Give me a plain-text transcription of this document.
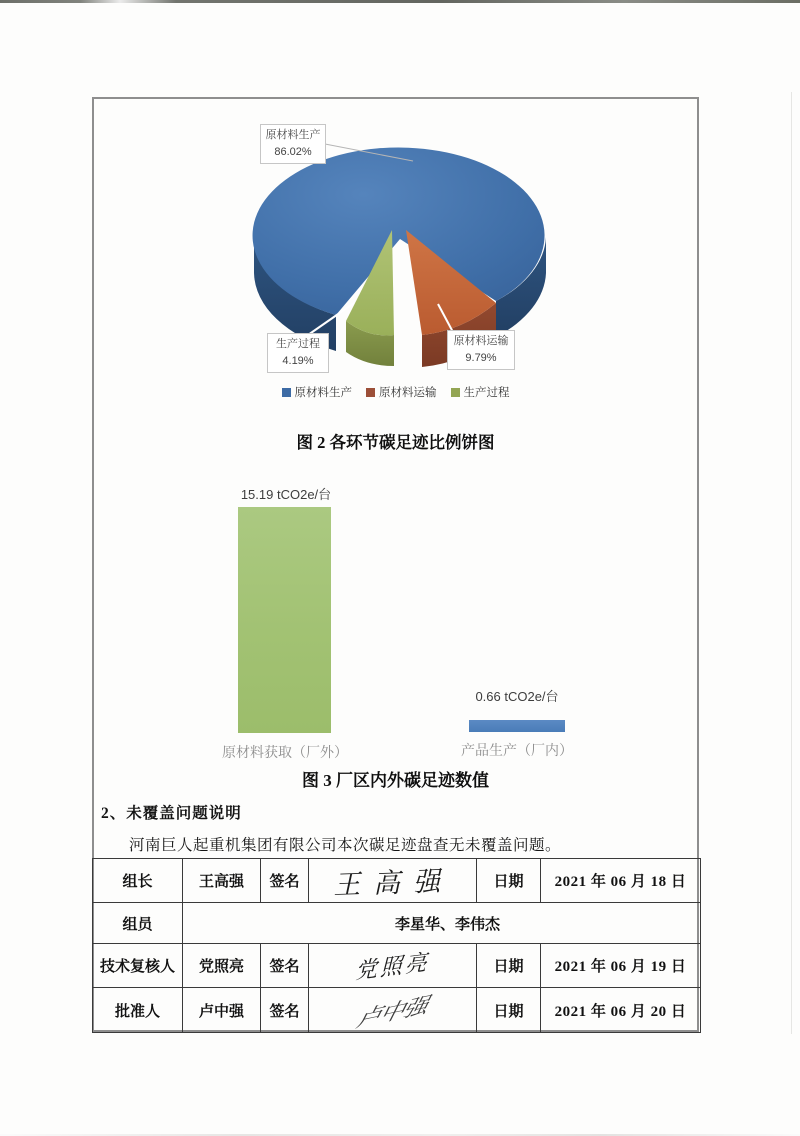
原材料生产
86.02%
生产过程
4.19%
原材料运输
9.79%
原材料生产 原材料运输 生产过程
图 2 各环节碳足迹比例饼图
15.19 tCO2e/台
0.66 tCO2e/台
原材料获取（厂外）	产品生产（厂内）
图 3 厂区内外碳足迹数值
2、未覆盖问题说明
河南巨人起重机集团有限公司本次碳足迹盘查无未覆盖问题。
组长	王高强	签名	王高强	日期	2021 年 06 月 18 日
组员	李星华、李伟杰				
技术复核人	党照亮	签名	党照亮	日期	2021 年 06 月 19 日
批准人	卢中强	签名	卢中强	日期	2021 年 06 月 20 日
